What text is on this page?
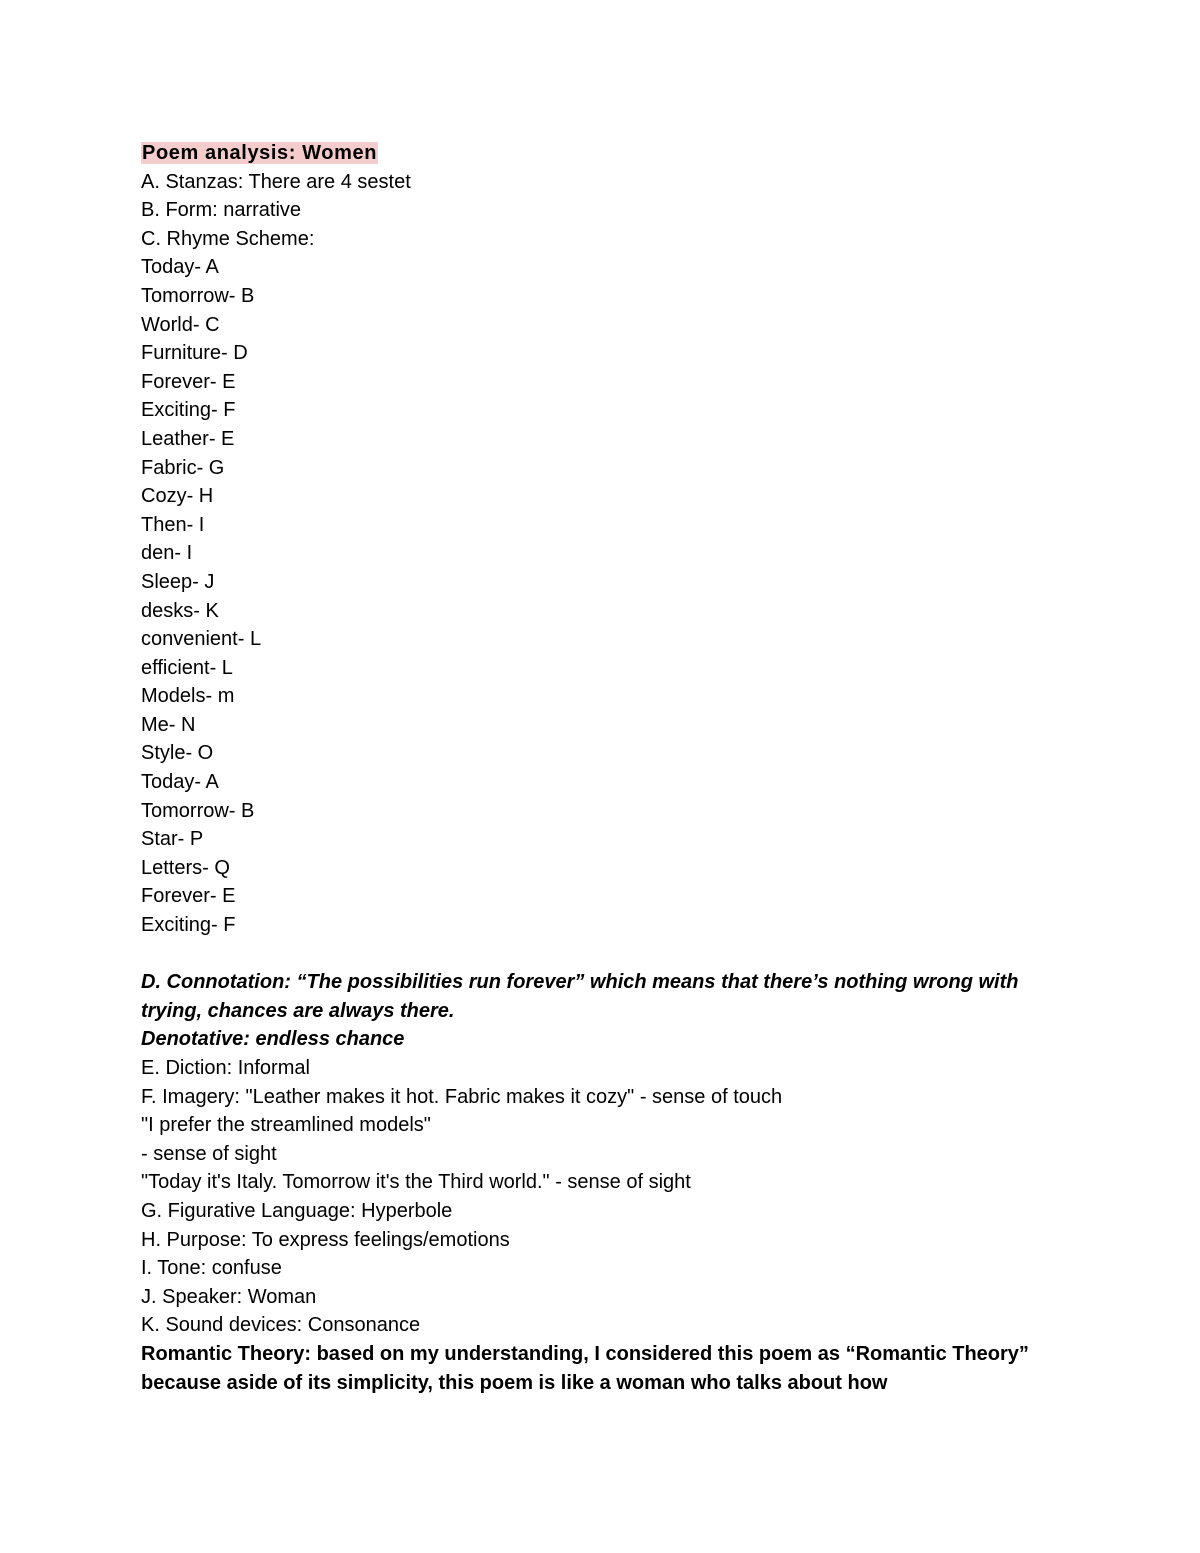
Poem analysis: Women
A. Stanzas: There are 4 sestet
B. Form: narrative
C. Rhyme Scheme:
Today- A
Tomorrow- B
World- C
Furniture- D
Forever- E
Exciting- F
Leather- E
Fabric- G
Cozy- H
Then- I
den- I
Sleep- J
desks- K
convenient- L
efficient- L
Models- m
Me- N
Style- O
Today- A
Tomorrow- B
Star- P
Letters- Q
Forever- E
Exciting- F
D. Connotation: “The possibilities run forever” which means that there’s nothing wrong with trying, chances are always there.
Denotative: endless chance
E. Diction: Informal
F. Imagery: "Leather makes it hot. Fabric makes it cozy" - sense of touch
"I prefer the streamlined models"
- sense of sight
"Today it's Italy. Tomorrow it's the Third world." - sense of sight
G. Figurative Language: Hyperbole
H. Purpose: To express feelings/emotions
I. Tone: confuse
J. Speaker: Woman
K. Sound devices: Consonance
Romantic Theory: based on my understanding, I considered this poem as “Romantic Theory” because aside of its simplicity, this poem is like a woman who talks about how
